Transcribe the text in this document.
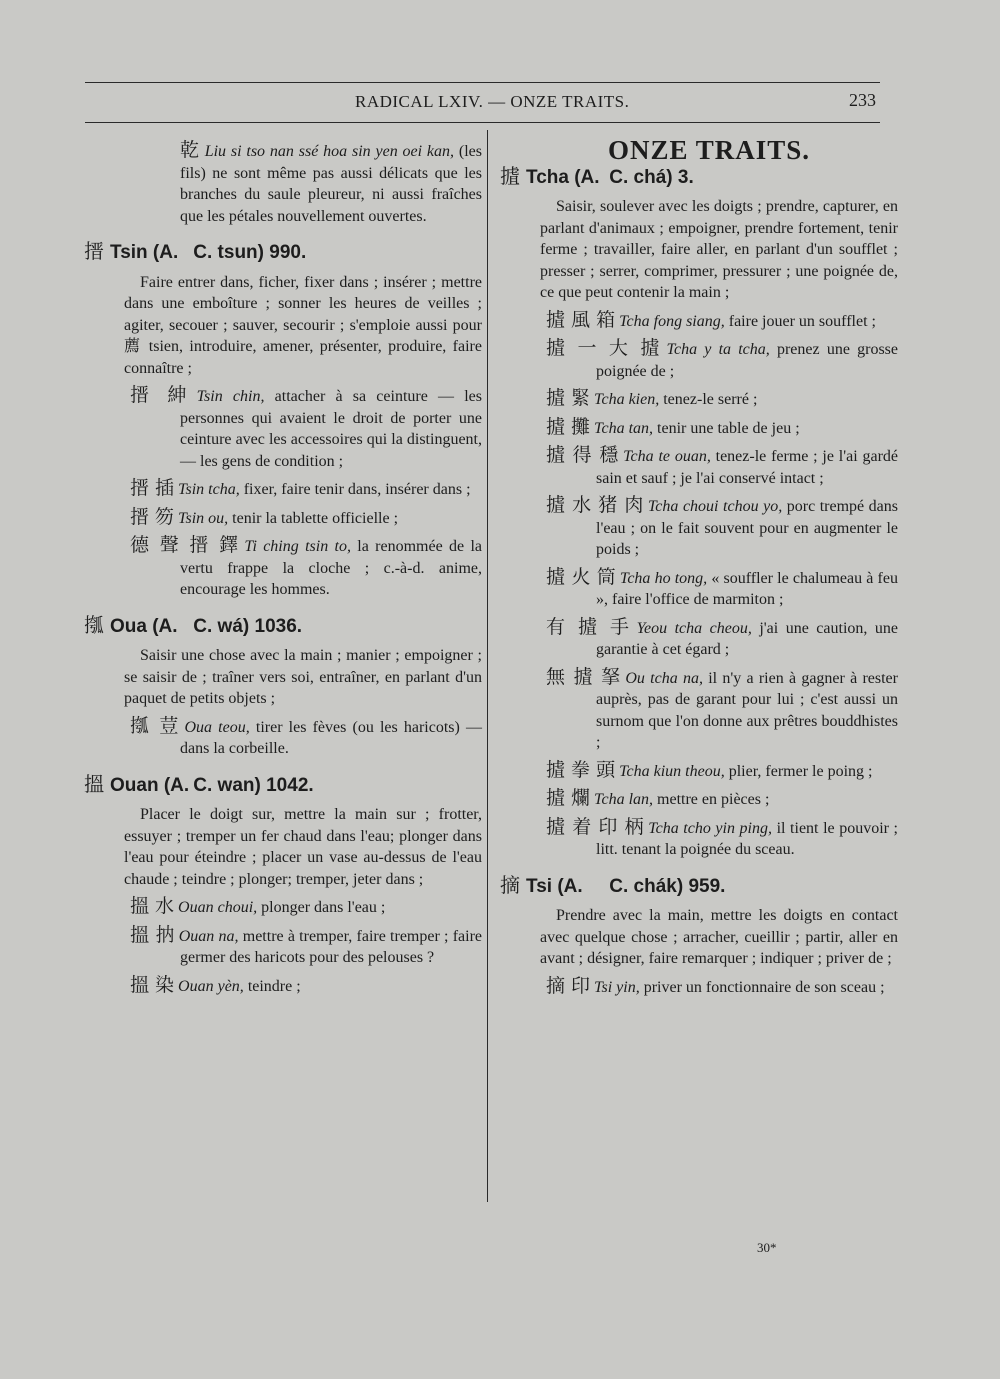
RADICAL LXIV. — ONZE TRAITS.	233
乾 Liu si tso nan ssé hoa sin yen oei kan, (les fils) ne sont même pas aussi délicats que les branches du saule pleureur, ni aussi fraîches que les pétales nouvellement ouvertes.
搢 Tsin (A. C. tsun) 990.
Faire entrer dans, ficher, fixer dans ; insérer ; mettre dans une emboîture ; sonner les heures de veilles ; agiter, secouer ; sauver, secourir ; s'emploie aussi pour 薦 tsien, introduire, amener, présenter, produire, faire connaître ;
搢 紳 Tsin chin, attacher à sa ceinture — les personnes qui avaient le droit de porter une ceinture avec les accessoires qui la distinguent, — les gens de condition ;
搢 插 Tsin tcha, fixer, faire tenir dans, insérer dans ;
搢 笏 Tsin ou, tenir la tablette officielle ;
德 聲 搢 鐸 Ti ching tsin to, la renommée de la vertu frappe la cloche ; c.-à-d. anime, encourage les hommes.
摦 Oua (A. C. wá) 1036.
Saisir une chose avec la main ; manier ; empoigner ; se saisir de ; traîner vers soi, entraîner, en parlant d'un paquet de petits objets ;
摦 荳 Oua teou, tirer les fèves (ou les haricots) — dans la corbeille.
搵 Ouan (A. C. wan) 1042.
Placer le doigt sur, mettre la main sur ; frotter, essuyer ; tremper un fer chaud dans l'eau; plonger dans l'eau pour éteindre ; placer un vase au-dessus de l'eau chaude ; teindre ; plonger; tremper, jeter dans ;
搵 水 Ouan choui, plonger dans l'eau ;
搵 抐 Ouan na, mettre à tremper, faire tremper ; faire germer des haricots pour des pelouses ?
搵 染 Ouan yèn, teindre ;
ONZE TRAITS.
摣 Tcha (A. C. chá) 3.
Saisir, soulever avec les doigts ; prendre, capturer, en parlant d'animaux ; empoigner, prendre fortement, tenir ferme ; travailler, faire aller, en parlant d'un soufflet ; presser ; serrer, comprimer, pressurer ; une poignée de, ce que peut contenir la main ;
摣 風 箱 Tcha fong siang, faire jouer un soufflet ;
摣 一 大 摣 Tcha y ta tcha, prenez une grosse poignée de ;
摣 緊 Tcha kien, tenez-le serré ;
摣 攤 Tcha tan, tenir une table de jeu ;
摣 得 穩 Tcha te ouan, tenez-le ferme ; je l'ai gardé sain et sauf ; je l'ai conservé intact ;
摣 水 猪 肉 Tcha choui tchou yo, porc trempé dans l'eau ; on le fait souvent pour en augmenter le poids ;
摣 火 筒 Tcha ho tong, « souffler le chalumeau à feu », faire l'office de marmiton ;
有 摣 手 Yeou tcha cheou, j'ai une caution, une garantie à cet égard ;
無 摣 拏 Ou tcha na, il n'y a rien à gagner à rester auprès, pas de garant pour lui ; c'est aussi un surnom que l'on donne aux prêtres bouddhistes ;
摣 拳 頭 Tcha kiun theou, plier, fermer le poing ;
摣 爛 Tcha lan, mettre en pièces ;
摣 着 印 柄 Tcha tcho yin ping, il tient le pouvoir ; litt. tenant la poignée du sceau.
摘 Tsi (A. C. chák) 959.
Prendre avec la main, mettre les doigts en contact avec quelque chose ; arracher, cueillir ; partir, aller en avant ; désigner, faire remarquer ; indiquer ; priver de ;
摘 印 Tsi yin, priver un fonctionnaire de son sceau ;
30*
